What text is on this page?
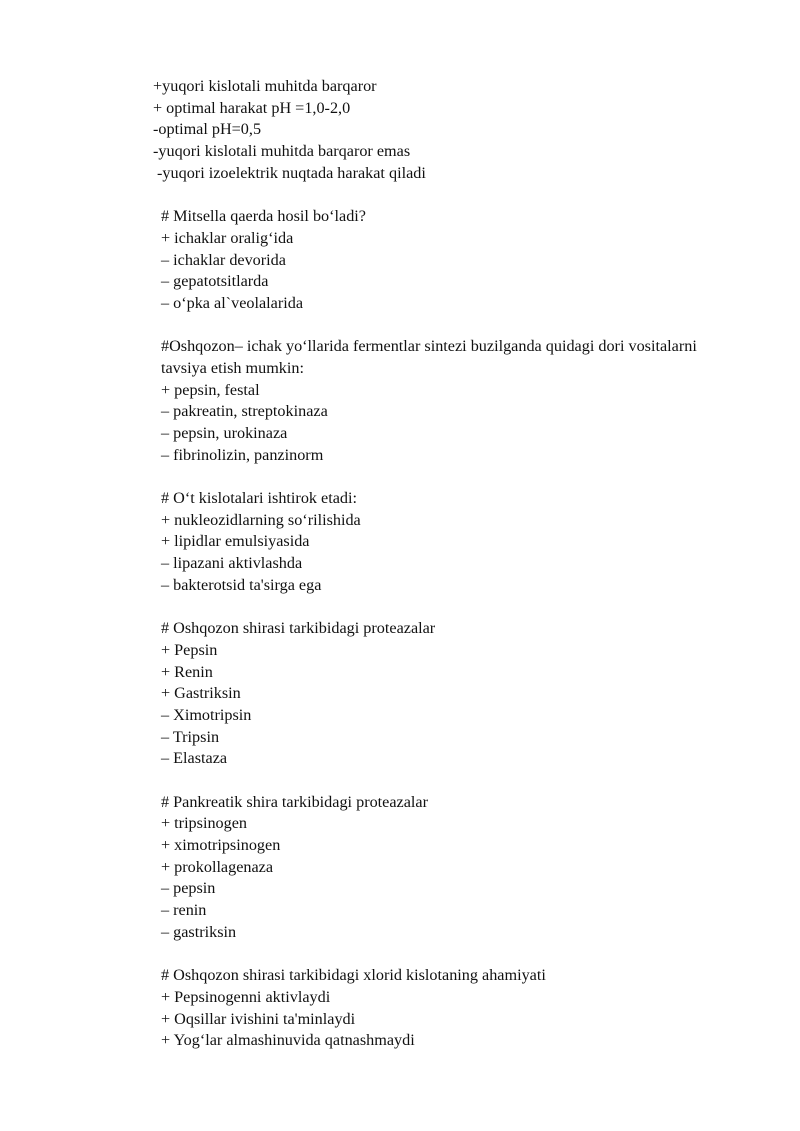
+yuqori kislotali muhitda barqaror
+ optimal harakat pH =1,0-2,0
-optimal pH=0,5
-yuqori kislotali muhitda barqaror emas
-yuqori izoelektrik nuqtada harakat qiladi
# Mitsella qaerda hosil bo‘ladi?
+ ichaklar oralig‘ida
– ichaklar devorida
– gepatotsitlarda
– o‘pka al`veolalarida
#Oshqozon– ichak yo‘llarida fermentlar sintezi buzilganda quidagi dori vositalarni tavsiya etish mumkin:
+ pepsin, festal
– pakreatin, streptokinaza
– pepsin, urokinaza
– fibrinolizin, panzinorm
# O‘t kislotalari ishtirok etadi:
+ nukleozidlarning so‘rilishida
+ lipidlar emulsiyasida
– lipazani aktivlashda
– bakterotsid ta'sirga ega
# Oshqozon shirasi tarkibidagi proteazalar
+ Pepsin
+ Renin
+ Gastriksin
– Ximotripsin
– Tripsin
– Elastaza
# Pankreatik shira tarkibidagi proteazalar
+ tripsinogen
+ ximotripsinogen
+ prokollagenaza
– pepsin
– renin
– gastriksin
# Oshqozon shirasi tarkibidagi xlorid kislotaning ahamiyati
+ Pepsinogenni aktivlaydi
+ Oqsillar ivishini ta'minlaydi
+ Yog‘lar almashinuvida qatnashmaydi
